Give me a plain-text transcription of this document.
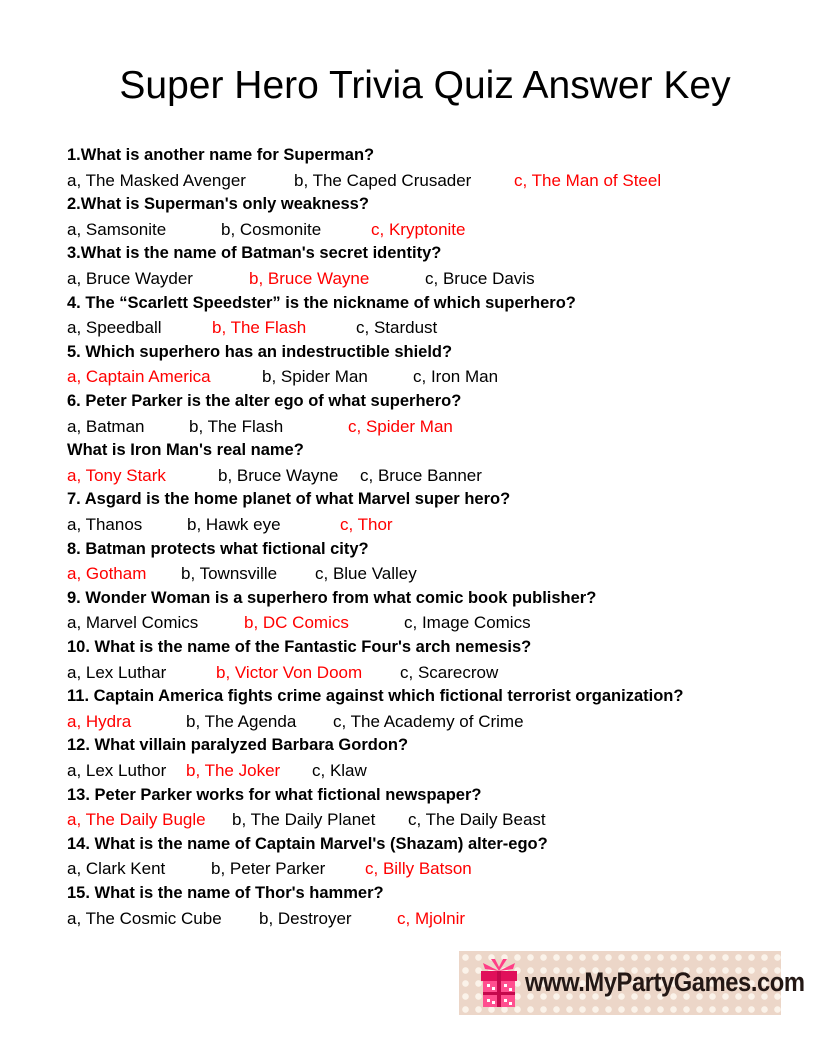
Super Hero Trivia Quiz Answer Key
1.What is another name for Superman?
a, The Masked Avenger	b, The Caped Crusader	c, The Man of Steel
2.What is Superman's only weakness?
a, Samsonite	b, Cosmonite	c, Kryptonite
3.What is the name of Batman's secret identity?
a, Bruce Wayder	b, Bruce Wayne	c, Bruce Davis
4. The “Scarlett Speedster” is the nickname of which superhero?
a, Speedball	b, The Flash	c, Stardust
5. Which superhero has an indestructible shield?
a, Captain America	b, Spider Man	c, Iron Man
6. Peter Parker is the alter ego of what superhero?
a, Batman	b, The Flash	c, Spider Man
What is Iron Man's real name?
a, Tony Stark	b, Bruce Wayne c, Bruce Banner
7. Asgard is the home planet of what Marvel super hero?
a, Thanos	b, Hawk eye	c, Thor
8. Batman protects what fictional city?
a, Gotham b, Townsville c, Blue Valley
9. Wonder Woman is a superhero from what comic book publisher?
a, Marvel Comics	b, DC Comics	c, Image Comics
10. What is the name of the Fantastic Four's arch nemesis?
a, Lex Luthar	b, Victor Von Doom c, Scarecrow
11. Captain America fights crime against which fictional terrorist organization?
a, Hydra	b, The Agenda c, The Academy of Crime
12. What villain paralyzed Barbara Gordon?
a, Lex Luthor b, The Joker c, Klaw
13. Peter Parker works for what fictional newspaper?
a, The Daily Bugle b, The Daily Planet c, The Daily Beast
14. What is the name of Captain Marvel's (Shazam) alter-ego?
a, Clark Kent	b, Peter Parker c, Billy Batson
15. What is the name of Thor's hammer?
a, The Cosmic Cube b, Destroyer	c, Mjolnir
www.MyPartyGames.com
